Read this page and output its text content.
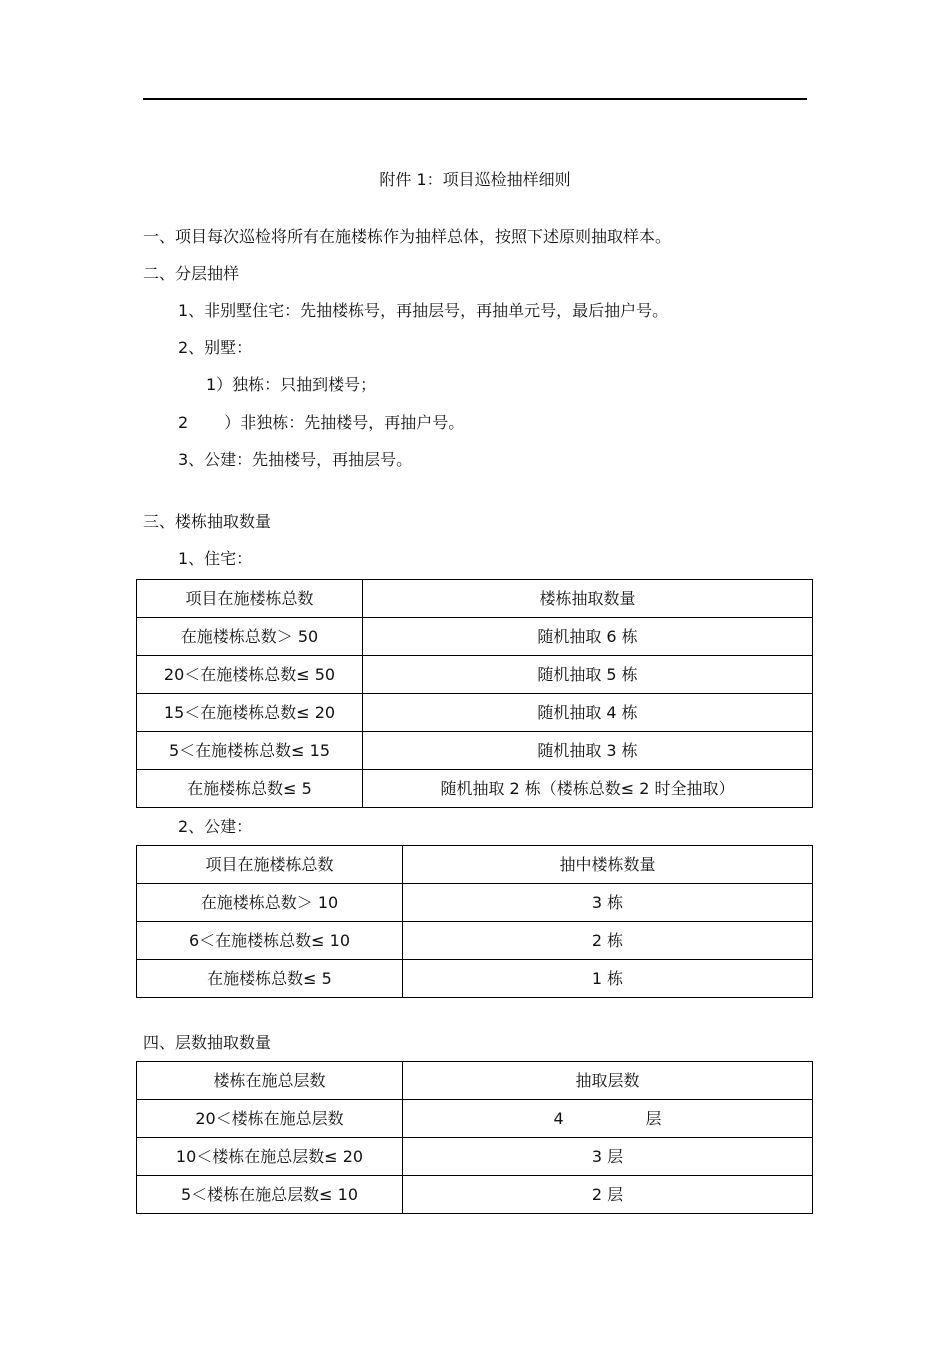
附件 1：项目巡检抽样细则
一、项目每次巡检将所有在施楼栋作为抽样总体，按照下述原则抽取样本。
二、分层抽样
1、非别墅住宅：先抽楼栋号，再抽层号，再抽单元号，最后抽户号。
2、别墅：
1）独栋：只抽到楼号；
2 ）非独栋：先抽楼号，再抽户号。
3、公建：先抽楼号，再抽层号。
三、楼栋抽取数量
1、住宅：
项目在施楼栋总数	楼栋抽取数量
在施楼栋总数＞ 50	随机抽取 6 栋
20＜在施楼栋总数≤ 50	随机抽取 5 栋
15＜在施楼栋总数≤ 20	随机抽取 4 栋
5＜在施楼栋总数≤ 15	随机抽取 3 栋
在施楼栋总数≤ 5	随机抽取 2 栋（楼栋总数≤ 2 时全抽取）
2、公建：
项目在施楼栋总数	抽中楼栋数量
在施楼栋总数＞ 10	3 栋
6＜在施楼栋总数≤ 10	2 栋
在施楼栋总数≤ 5	1 栋
四、层数抽取数量
楼栋在施总层数	抽取层数
20＜楼栋在施总层数	4 层
10＜楼栋在施总层数≤ 20	3 层
5＜楼栋在施总层数≤ 10	2 层
